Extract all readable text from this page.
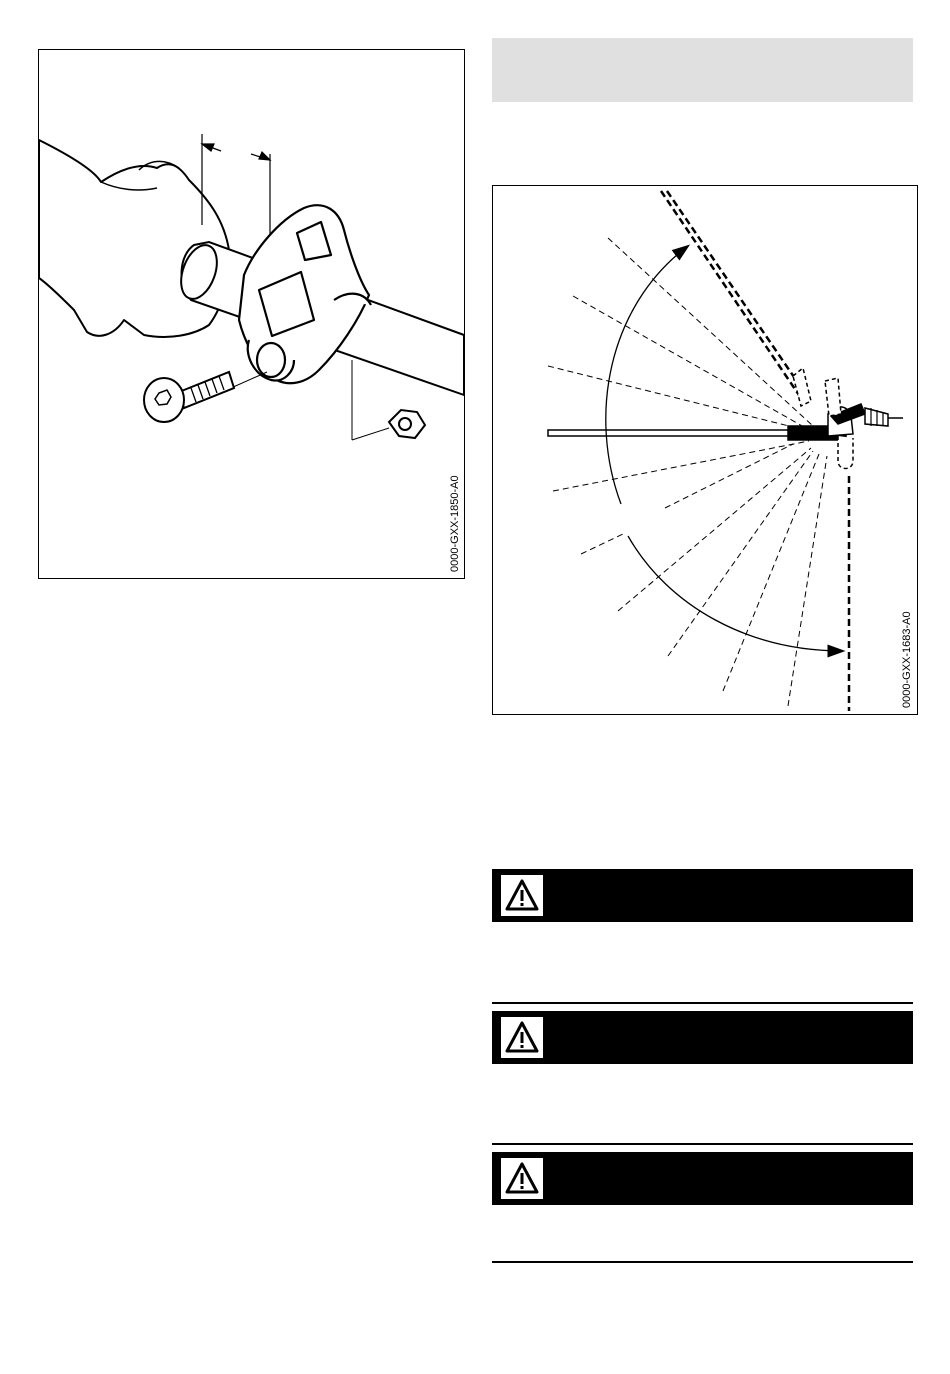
0000-GXX-1850-A0
0000-GXX-1683-A0
